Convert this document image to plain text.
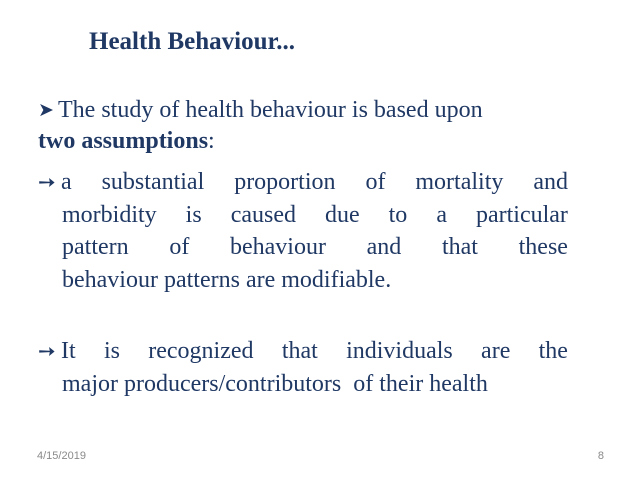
Health Behaviour...
➤ The study of health behaviour is based upon
two assumptions:
➙ a substantial proportion of mortality and
morbidity is caused due to a particular
pattern of behaviour and that these
behaviour patterns are modifiable.
➙ It is recognized that individuals are the
major producers/contributors  of their health
4/15/2019	8
